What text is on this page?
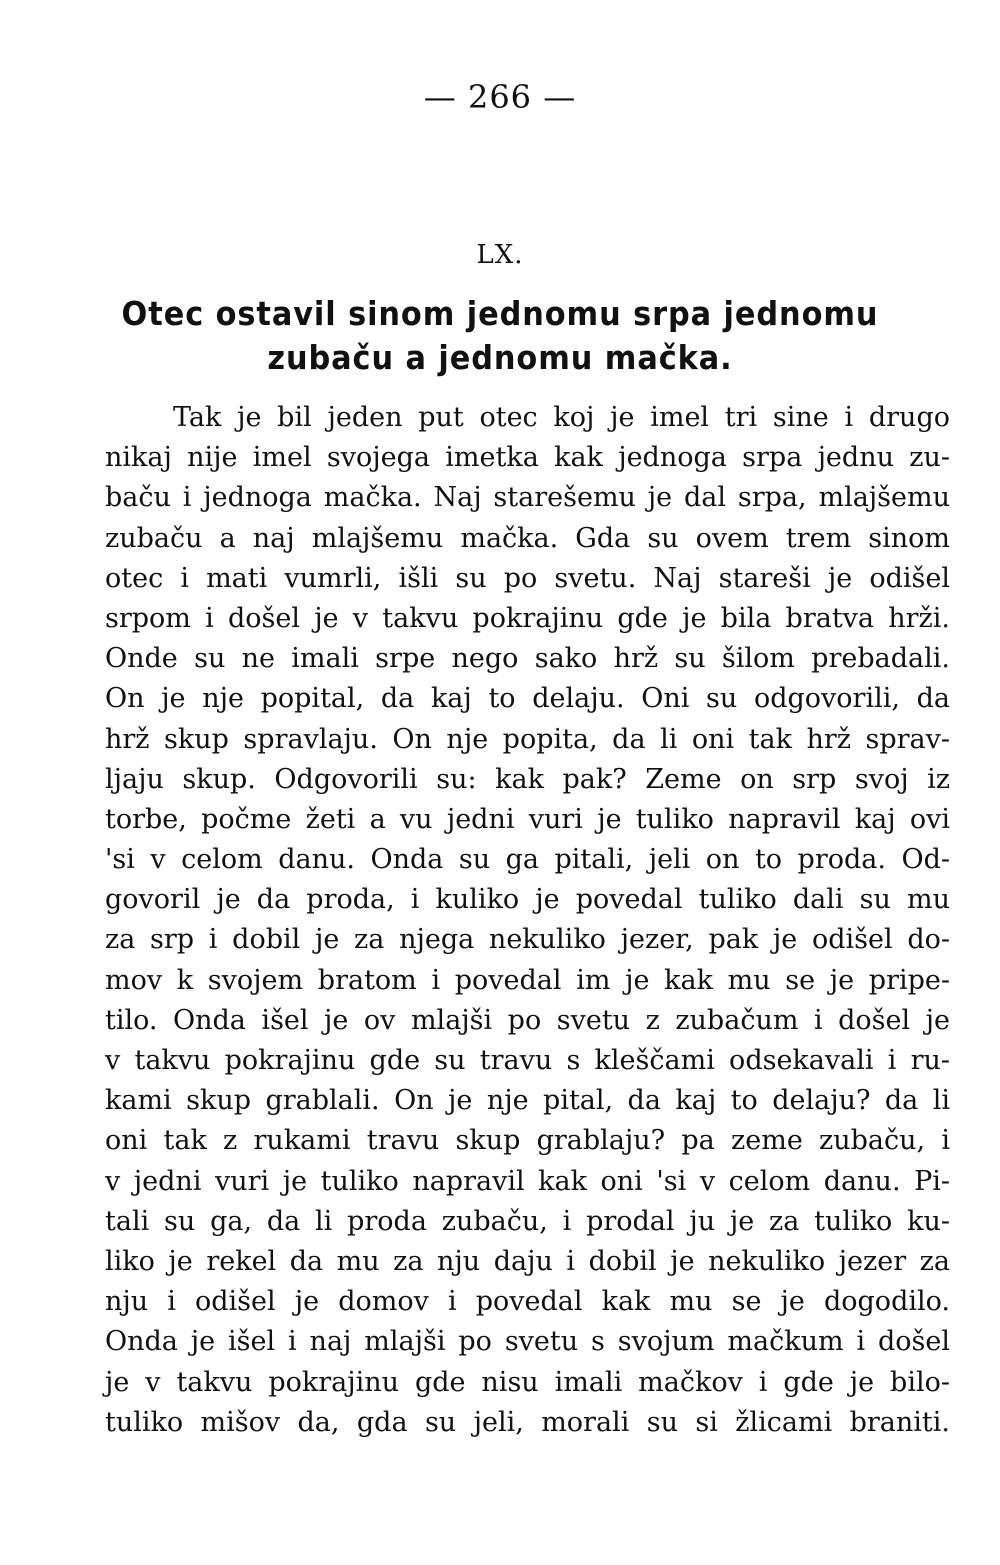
— 266 —
LX.
Otec ostavil sinom jednomu srpa jednomu
zubaču a jednomu mačka.
Tak je bil jeden put otec koj je imel tri sine i drugo
nikaj nije imel svojega imetka kak jednoga srpa jednu zu-
baču i jednoga mačka. Naj starešemu je dal srpa, mlajšemu
zubaču a naj mlajšemu mačka. Gda su ovem trem sinom
otec i mati vumrli, išli su po svetu. Naj stareši je odišel
srpom i došel je v takvu pokrajinu gde je bila bratva hrži.
Onde su ne imali srpe nego sako hrž su šilom prebadali.
On je nje popital, da kaj to delaju. Oni su odgovorili, da
hrž skup spravlaju. On nje popita, da li oni tak hrž sprav-
ljaju skup. Odgovorili su: kak pak? Zeme on srp svoj iz
torbe, počme žeti a vu jedni vuri je tuliko napravil kaj ovi
'si v celom danu. Onda su ga pitali, jeli on to proda. Od-
govoril je da proda, i kuliko je povedal tuliko dali su mu
za srp i dobil je za njega nekuliko jezer, pak je odišel do-
mov k svojem bratom i povedal im je kak mu se je pripe-
tilo. Onda išel je ov mlajši po svetu z zubačum i došel je
v takvu pokrajinu gde su travu s kleščami odsekavali i ru-
kami skup grablali. On je nje pital, da kaj to delaju? da li
oni tak z rukami travu skup grablaju? pa zeme zubaču, i
v jedni vuri je tuliko napravil kak oni 'si v celom danu. Pi-
tali su ga, da li proda zubaču, i prodal ju je za tuliko ku-
liko je rekel da mu za nju daju i dobil je nekuliko jezer za
nju i odišel je domov i povedal kak mu se je dogodilo.
Onda je išel i naj mlajši po svetu s svojum mačkum i došel
je v takvu pokrajinu gde nisu imali mačkov i gde je bilo-
tuliko mišov da, gda su jeli, morali su si žlicami braniti.
